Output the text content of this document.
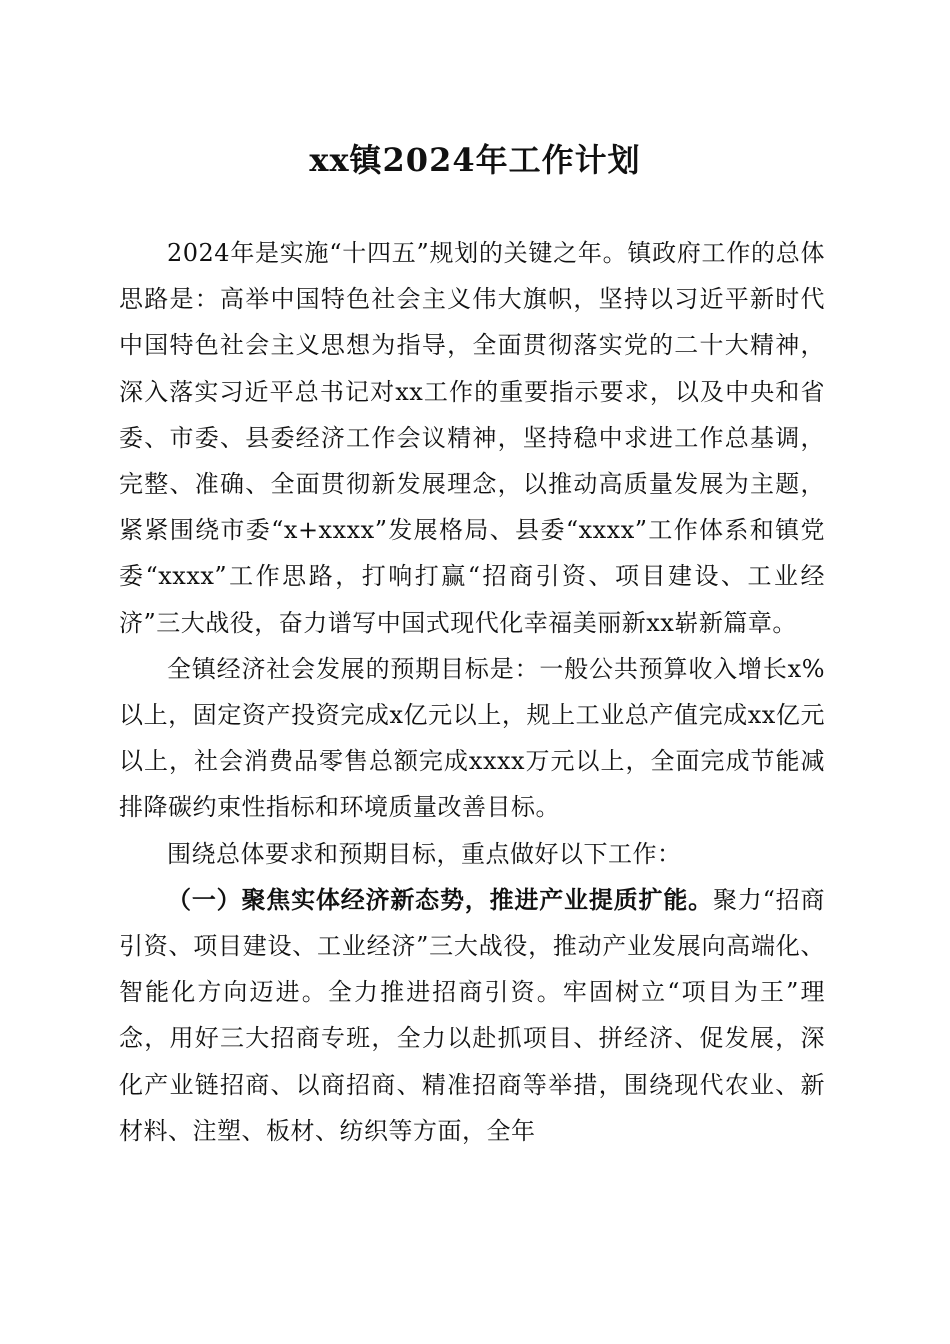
xx镇2024年工作计划

2024年是实施“十四五”规划的关键之年。镇政府工作的总体思路是：高举中国特色社会主义伟大旗帜，坚持以习近平新时代中国特色社会主义思想为指导，全面贯彻落实党的二十大精神，深入落实习近平总书记对xx工作的重要指示要求，以及中央和省委、市委、县委经济工作会议精神，坚持稳中求进工作总基调，完整、准确、全面贯彻新发展理念，以推动高质量发展为主题，紧紧围绕市委“x+xxxx”发展格局、县委“xxxx”工作体系和镇党委“xxxx”工作思路，打响打赢“招商引资、项目建设、工业经济”三大战役，奋力谱写中国式现代化幸福美丽新xx崭新篇章。

全镇经济社会发展的预期目标是：一般公共预算收入增长x%以上，固定资产投资完成x亿元以上，规上工业总产值完成xx亿元以上，社会消费品零售总额完成xxxx万元以上，全面完成节能减排降碳约束性指标和环境质量改善目标。

围绕总体要求和预期目标，重点做好以下工作：

（一）聚焦实体经济新态势，推进产业提质扩能。聚力“招商引资、项目建设、工业经济”三大战役，推动产业发展向高端化、智能化方向迈进。全力推进招商引资。牢固树立“项目为王”理念，用好三大招商专班，全力以赴抓项目、拼经济、促发展，深化产业链招商、以商招商、精准招商等举措，围绕现代农业、新材料、注塑、板材、纺织等方面，全年
